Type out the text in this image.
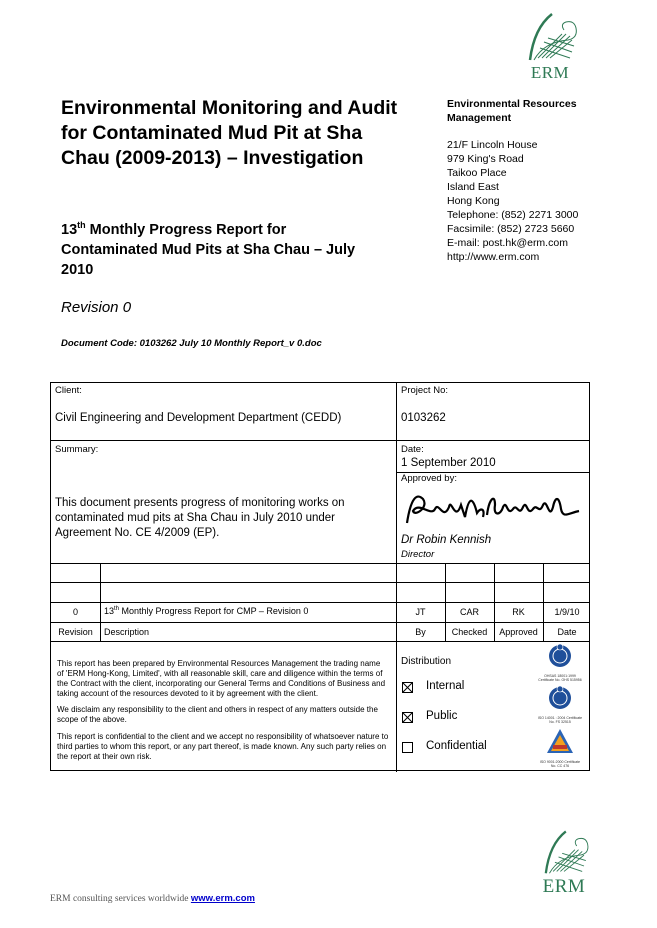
ERM
Environmental Monitoring and Audit for Contaminated Mud Pit at Sha Chau (2009-2013) – Investigation
13th Monthly Progress Report for Contaminated Mud Pits at Sha Chau – July 2010
Revision 0
Document Code: 0103262 July 10 Monthly Report_v 0.doc
Environmental Resources Management
21/F Lincoln House
979 King's Road
Taikoo Place
Island East
Hong Kong
Telephone: (852) 2271 3000
Facsimile: (852) 2723 5660
E-mail: post.hk@erm.com
http://www.erm.com
Client:
Civil Engineering and Development Department (CEDD)
Project No:
0103262
Summary:
This document presents progress of monitoring works on contaminated mud pits at Sha Chau in July 2010 under Agreement No. CE 4/2009 (EP).
Date:
1 September 2010
Approved by:
Dr Robin Kennish
Director
0	13th Monthly Progress Report for CMP – Revision 0	JT	CAR	RK	1/9/10
Revision	Description	By	Checked	Approved	Date
This report has been prepared by Environmental Resources Management the trading name of 'ERM Hong-Kong, Limited', with all reasonable skill, care and diligence within the terms of the Contract with the client, incorporating our General Terms and Conditions of Business and taking account of the resources devoted to it by agreement with the client.
We disclaim any responsibility to the client and others in respect of any matters outside the scope of the above.
This report is confidential to the client and we accept no responsibility of whatsoever nature to third parties to whom this report, or any part thereof, is made known. Any such party relies on the report at their own risk.
Distribution
Internal
Public
Confidential
OHSAS 18001:1999 Certificate No. OHS 515956
ISO 14001 : 2004 Certificate No. FS 32515
ISO 9001:2000 Certificate No. CC 476
ERM
ERM consulting services worldwide www.erm.com
